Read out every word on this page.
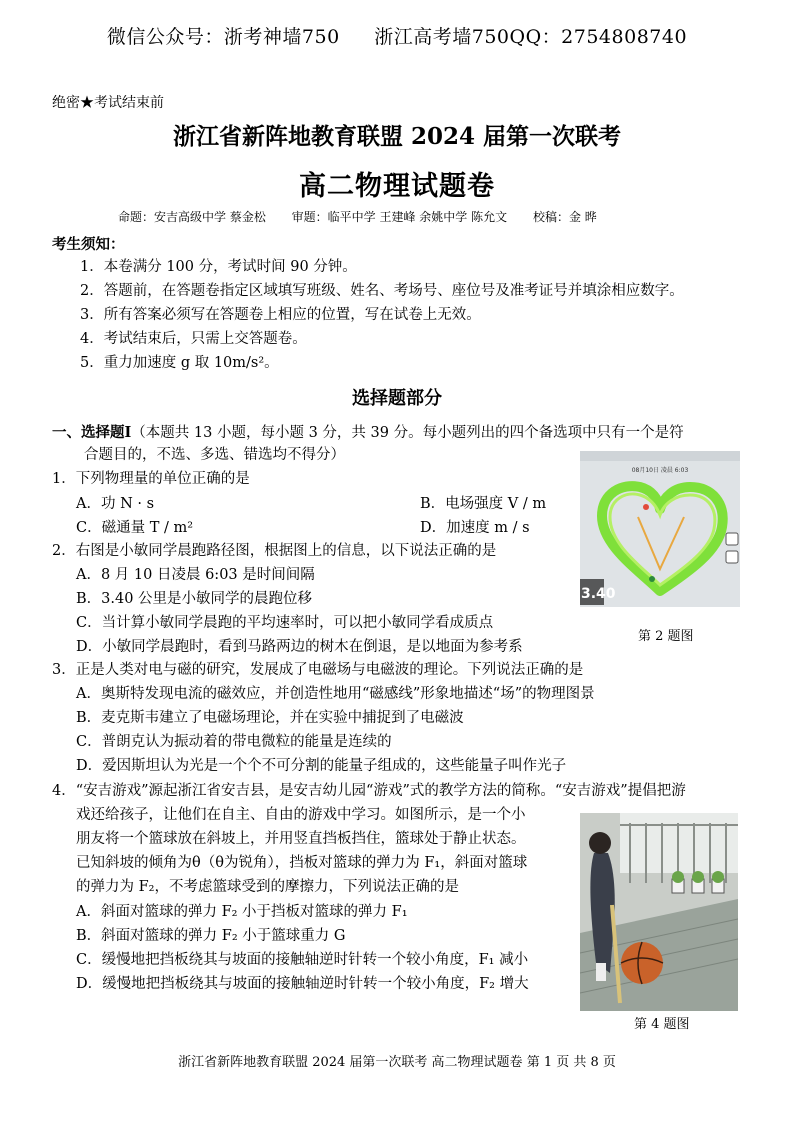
微信公众号：浙考神墙750 浙江高考墙750QQ：2754808740
绝密★考试结束前
浙江省新阵地教育联盟 2024 届第一次联考
高二物理试题卷
命题：安吉高级中学 蔡金松 审题：临平中学 王建峰 余姚中学 陈允文 校稿：金 晔
考生须知：
1．本卷满分 100 分，考试时间 90 分钟。
2．答题前，在答题卷指定区域填写班级、姓名、考场号、座位号及准考证号并填涂相应数字。
3．所有答案必须写在答题卷上相应的位置，写在试卷上无效。
4．考试结束后，只需上交答题卷。
5．重力加速度 g 取 10m/s²。
选择题部分
一、选择题Ⅰ（本题共 13 小题，每小题 3 分，共 39 分。每小题列出的四个备选项中只有一个是符
合题目的，不选、多选、错选均不得分）
1．下列物理量的单位正确的是
A．功 N · s	B．电场强度 V / m
C．磁通量 T / m²	D．加速度 m / s
2．右图是小敏同学晨跑路径图，根据图上的信息，以下说法正确的是
A．8 月 10 日凌晨 6:03 是时间间隔
B．3.40 公里是小敏同学的晨跑位移
C．当计算小敏同学晨跑的平均速率时，可以把小敏同学看成质点
D．小敏同学晨跑时，看到马路两边的树木在倒退，是以地面为参考系
08月10日 凌晨 6:03
3.40
第 2 题图
3．正是人类对电与磁的研究，发展成了电磁场与电磁波的理论。下列说法正确的是
A．奥斯特发现电流的磁效应，并创造性地用“磁感线”形象地描述“场”的物理图景
B．麦克斯韦建立了电磁场理论，并在实验中捕捉到了电磁波
C．普朗克认为振动着的带电微粒的能量是连续的
D．爱因斯坦认为光是一个个不可分割的能量子组成的，这些能量子叫作光子
4．“安吉游戏”源起浙江省安吉县，是安吉幼儿园“游戏”式的教学方法的简称。“安吉游戏”提倡把游
戏还给孩子，让他们在自主、自由的游戏中学习。如图所示，是一个小
朋友将一个篮球放在斜坡上，并用竖直挡板挡住，篮球处于静止状态。
已知斜坡的倾角为θ（θ为锐角），挡板对篮球的弹力为 F₁，斜面对篮球
的弹力为 F₂，不考虑篮球受到的摩擦力，下列说法正确的是
A．斜面对篮球的弹力 F₂ 小于挡板对篮球的弹力 F₁
B．斜面对篮球的弹力 F₂ 小于篮球重力 G
C．缓慢地把挡板绕其与坡面的接触轴逆时针转一个较小角度，F₁ 减小
D．缓慢地把挡板绕其与坡面的接触轴逆时针转一个较小角度，F₂ 增大
第 4 题图
浙江省新阵地教育联盟 2024 届第一次联考 高二物理试题卷 第 1 页 共 8 页
